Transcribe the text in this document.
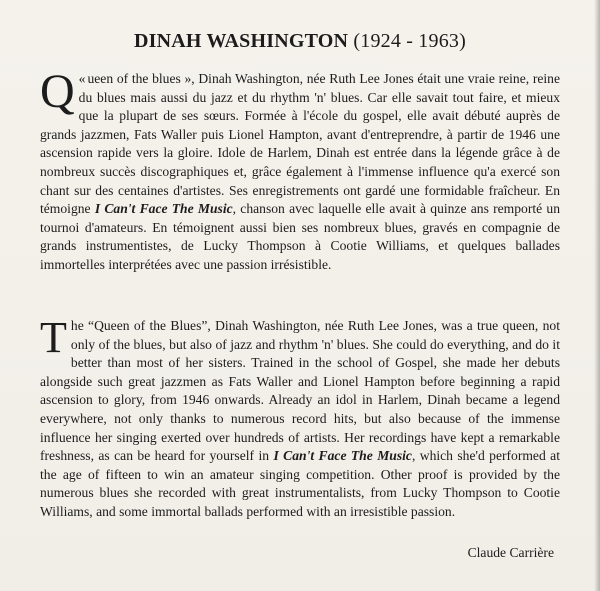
DINAH WASHINGTON (1924 - 1963)
«
Q ueen of the blues », Dinah Washington, née Ruth Lee Jones était une vraie reine, reine du blues mais aussi du jazz et du rhythm 'n' blues. Car elle savait tout faire, et mieux que la plupart de ses sœurs. Formée à l'école du gospel, elle avait débuté auprès de grands jazzmen, Fats Waller puis Lionel Hampton, avant d'entreprendre, à partir de 1946 une ascension rapide vers la gloire. Idole de Harlem, Dinah est entrée dans la légende grâce à de nombreux succès discographiques et, grâce également à l'immense influence qu'a exercé son chant sur des centaines d'artistes. Ses enregistrements ont gardé une formidable fraîcheur. En témoigne I Can't Face The Music, chanson avec laquelle elle avait à quinze ans remporté un tournoi d'amateurs. En témoignent aussi bien ses nombreux blues, gravés en compagnie de grands instrumentistes, de Lucky Thompson à Cootie Williams, et quelques ballades immortelles interprétées avec une passion irrésistible.
The “Queen of the Blues”, Dinah Washington, née Ruth Lee Jones, was a true queen, not only of the blues, but also of jazz and rhythm 'n' blues. She could do everything, and do it better than most of her sisters. Trained in the school of Gospel, she made her debuts alongside such great jazzmen as Fats Waller and Lionel Hampton before beginning a rapid ascension to glory, from 1946 onwards. Already an idol in Harlem, Dinah became a legend everywhere, not only thanks to numerous record hits, but also because of the immense influence her singing exerted over hundreds of artists. Her recordings have kept a remarkable freshness, as can be heard for yourself in I Can't Face The Music, which she'd performed at the age of fifteen to win an amateur singing competition. Other proof is provided by the numerous blues she recorded with great instrumentalists, from Lucky Thompson to Cootie Williams, and some immortal ballads performed with an irresistible passion.
Claude Carrière
